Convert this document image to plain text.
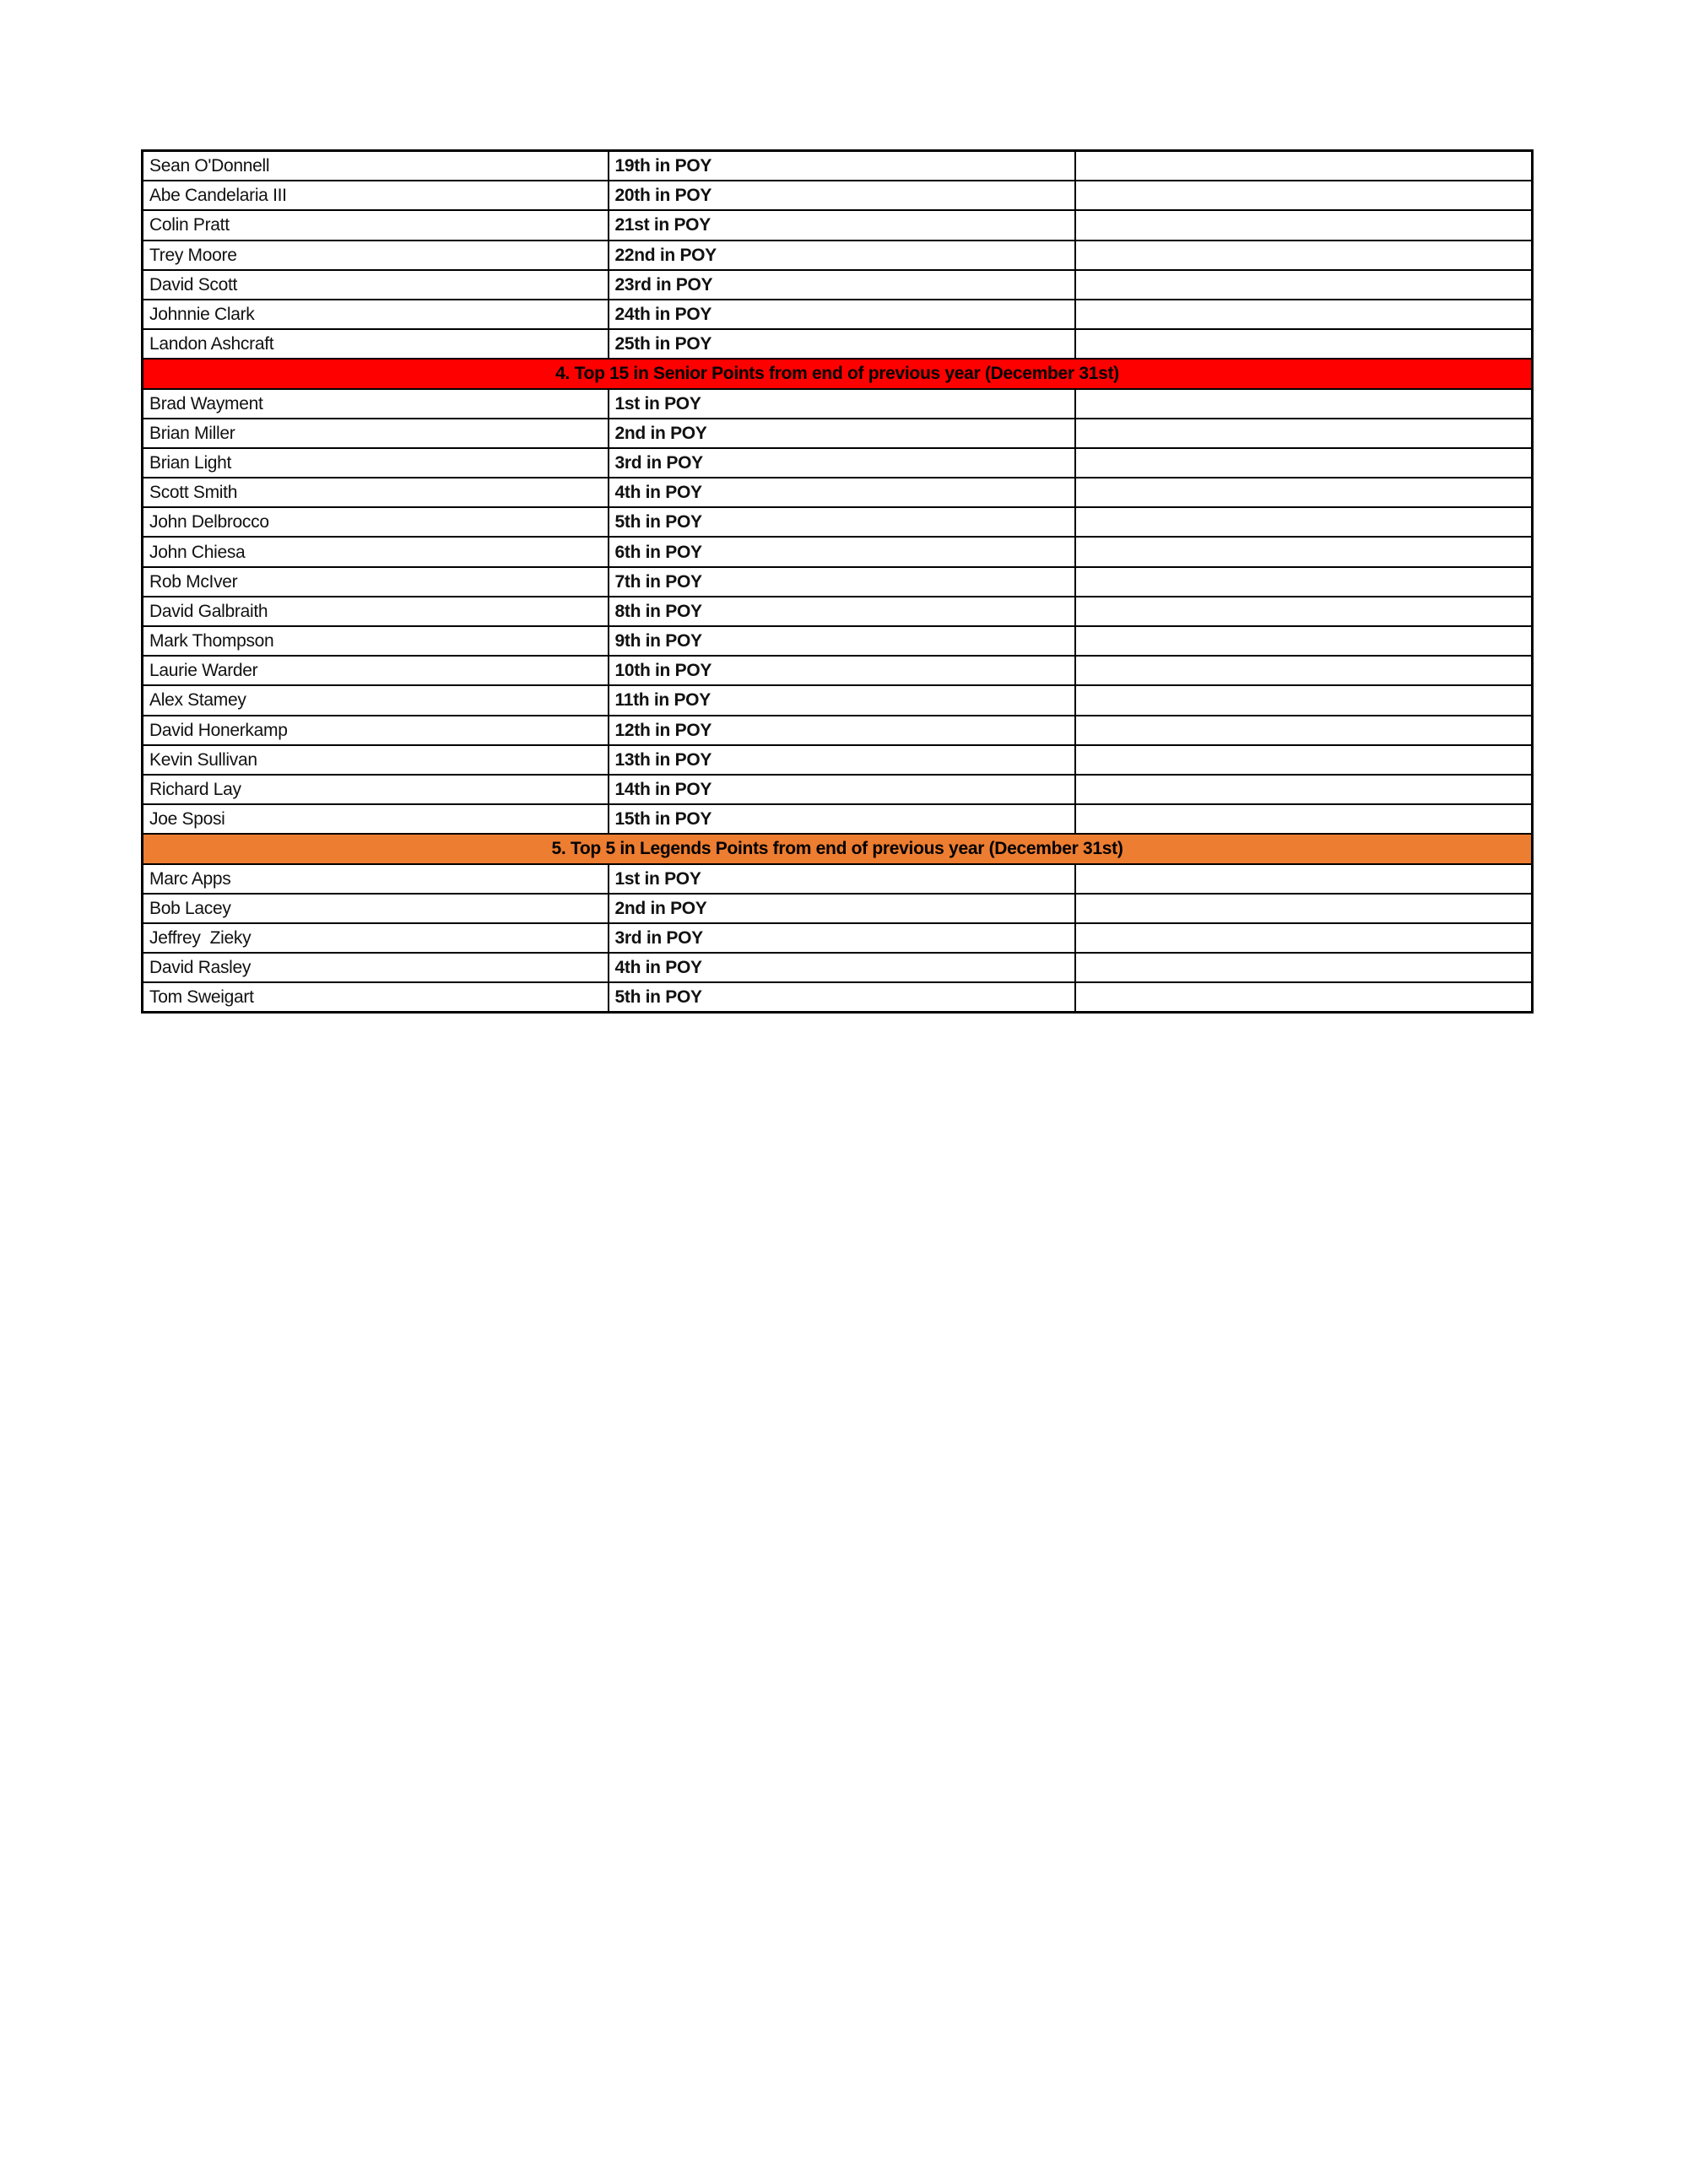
Sean O'Donnell	19th in POY	
Abe Candelaria III	20th in POY	
Colin Pratt	21st in POY	
Trey Moore	22nd in POY	
David Scott	23rd in POY	
Johnnie Clark	24th in POY	
Landon Ashcraft	25th in POY	
4. Top 15 in Senior Points from end of previous year (December 31st)		
Brad Wayment	1st in POY	
Brian Miller	2nd in POY	
Brian Light	3rd in POY	
Scott Smith	4th in POY	
John Delbrocco	5th in POY	
John Chiesa	6th in POY	
Rob McIver	7th in POY	
David Galbraith	8th in POY	
Mark Thompson	9th in POY	
Laurie Warder	10th in POY	
Alex Stamey	11th in POY	
David Honerkamp	12th in POY	
Kevin Sullivan	13th in POY	
Richard Lay	14th in POY	
Joe Sposi	15th in POY	
5. Top 5 in Legends Points from end of previous year (December 31st)		
Marc Apps	1st in POY	
Bob Lacey	2nd in POY	
Jeffrey  Zieky	3rd in POY	
David Rasley	4th in POY	
Tom Sweigart	5th in POY	
